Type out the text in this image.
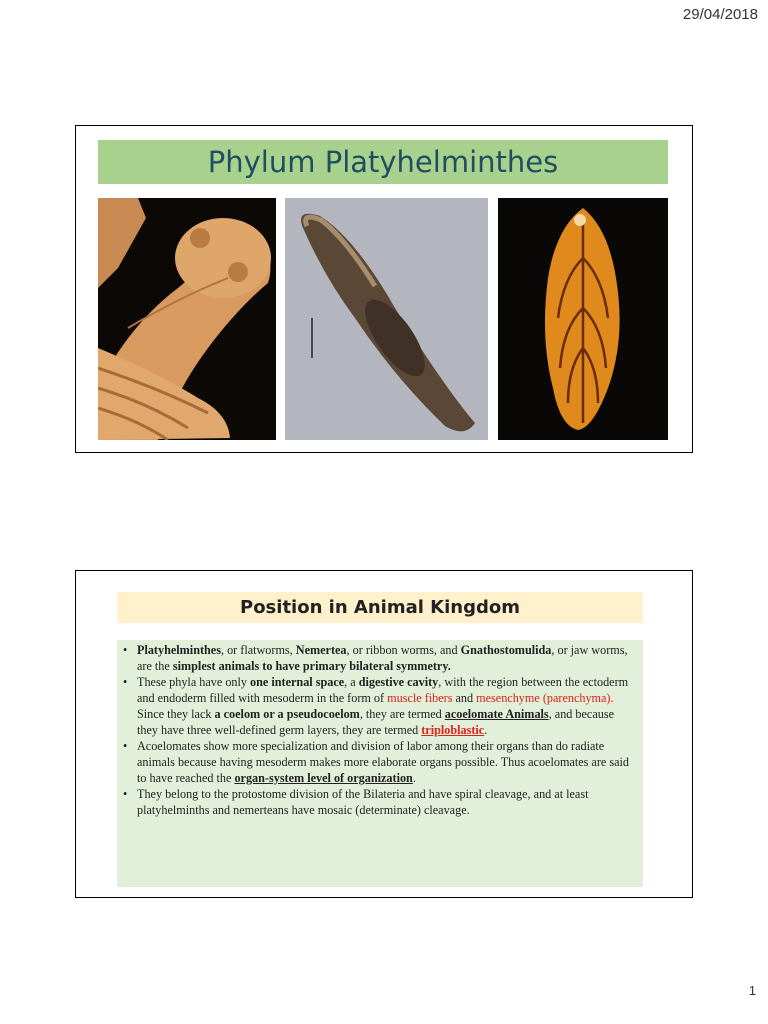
29/04/2018
Phylum Platyhelminthes
Position in Animal Kingdom
• Platyhelminthes, or flatworms, Nemertea, or ribbon worms, and Gnathostomulida, or jaw worms, are the simplest animals to have primary bilateral symmetry.
• These phyla have only one internal space, a digestive cavity, with the region between the ectoderm and endoderm filled with mesoderm in the form of muscle fibers and mesenchyme (parenchyma). Since they lack a coelom or a pseudocoelom, they are termed acoelomate Animals, and because they have three well-defined germ layers, they are termed triploblastic.
• Acoelomates show more specialization and division of labor among their organs than do radiate animals because having mesoderm makes more elaborate organs possible. Thus acoelomates are said to have reached the organ-system level of organization.
• They belong to the protostome division of the Bilateria and have spiral cleavage, and at least platyhelminths and nemerteans have mosaic (determinate) cleavage.
1
